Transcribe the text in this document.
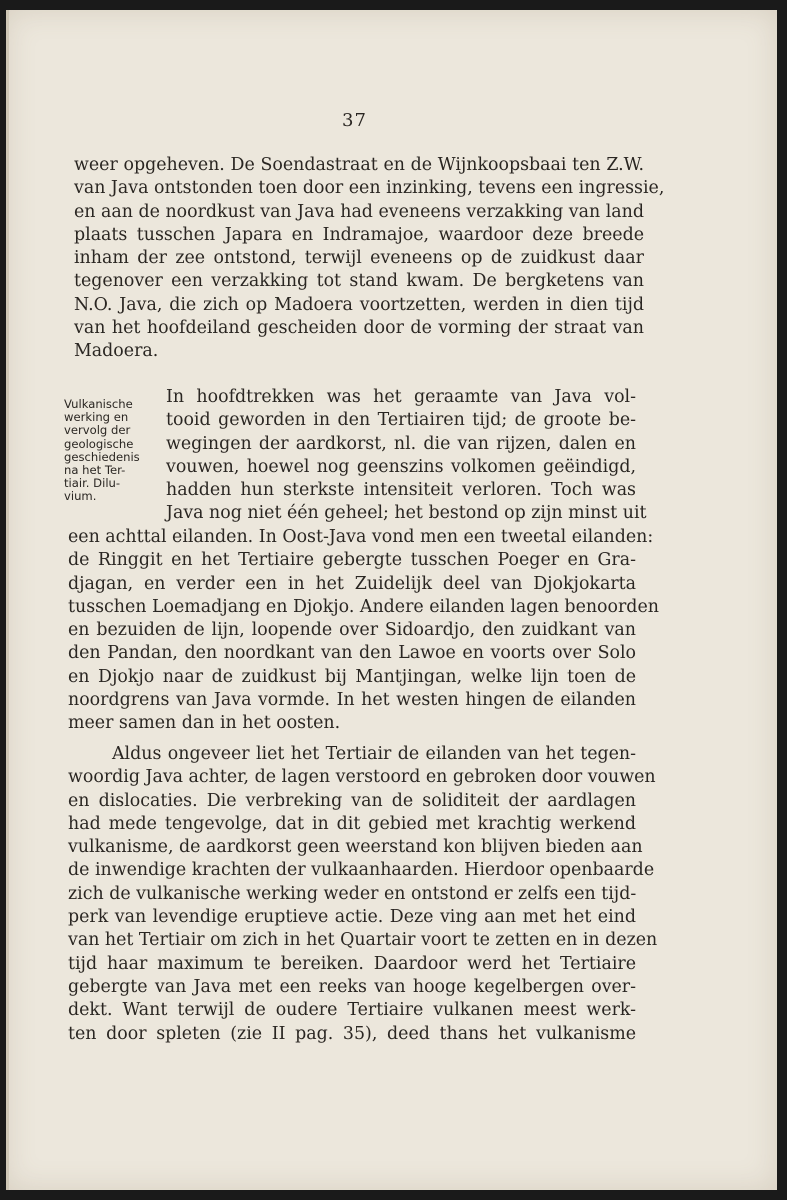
37
weer opgeheven. De Soendastraat en de Wijnkoopsbaai ten Z.W.
van Java ontstonden toen door een inzinking, tevens een ingressie,
en aan de noordkust van Java had eveneens verzakking van land
plaats tusschen Japara en Indramajoe, waardoor deze breede
inham der zee ontstond, terwijl eveneens op de zuidkust daar
tegenover een verzakking tot stand kwam. De bergketens van
N.O. Java, die zich op Madoera voortzetten, werden in dien tijd
van het hoofdeiland gescheiden door de vorming der straat van
Madoera.
Vulkanische
werking en
vervolg der
geologische
geschiedenis
na het Ter-
tiair. Dilu-
vium.
In hoofdtrekken was het geraamte van Java vol-
tooid geworden in den Tertiairen tijd; de groote be-
wegingen der aardkorst, nl. die van rijzen, dalen en
vouwen, hoewel nog geenszins volkomen geëindigd,
hadden hun sterkste intensiteit verloren. Toch was
Java nog niet één geheel; het bestond op zijn minst uit
een achttal eilanden. In Oost-Java vond men een tweetal eilanden:
de Ringgit en het Tertiaire gebergte tusschen Poeger en Gra-
djagan, en verder een in het Zuidelijk deel van Djokjokarta
tusschen Loemadjang en Djokjo. Andere eilanden lagen benoorden
en bezuiden de lijn, loopende over Sidoardjo, den zuidkant van
den Pandan, den noordkant van den Lawoe en voorts over Solo
en Djokjo naar de zuidkust bij Mantjingan, welke lijn toen de
noordgrens van Java vormde. In het westen hingen de eilanden
meer samen dan in het oosten.
Aldus ongeveer liet het Tertiair de eilanden van het tegen-
woordig Java achter, de lagen verstoord en gebroken door vouwen
en dislocaties. Die verbreking van de soliditeit der aardlagen
had mede tengevolge, dat in dit gebied met krachtig werkend
vulkanisme, de aardkorst geen weerstand kon blijven bieden aan
de inwendige krachten der vulkaanhaarden. Hierdoor openbaarde
zich de vulkanische werking weder en ontstond er zelfs een tijd-
perk van levendige eruptieve actie. Deze ving aan met het eind
van het Tertiair om zich in het Quartair voort te zetten en in dezen
tijd haar maximum te bereiken. Daardoor werd het Tertiaire
gebergte van Java met een reeks van hooge kegelbergen over-
dekt. Want terwijl de oudere Tertiaire vulkanen meest werk-
ten door spleten (zie II pag. 35), deed thans het vulkanisme
